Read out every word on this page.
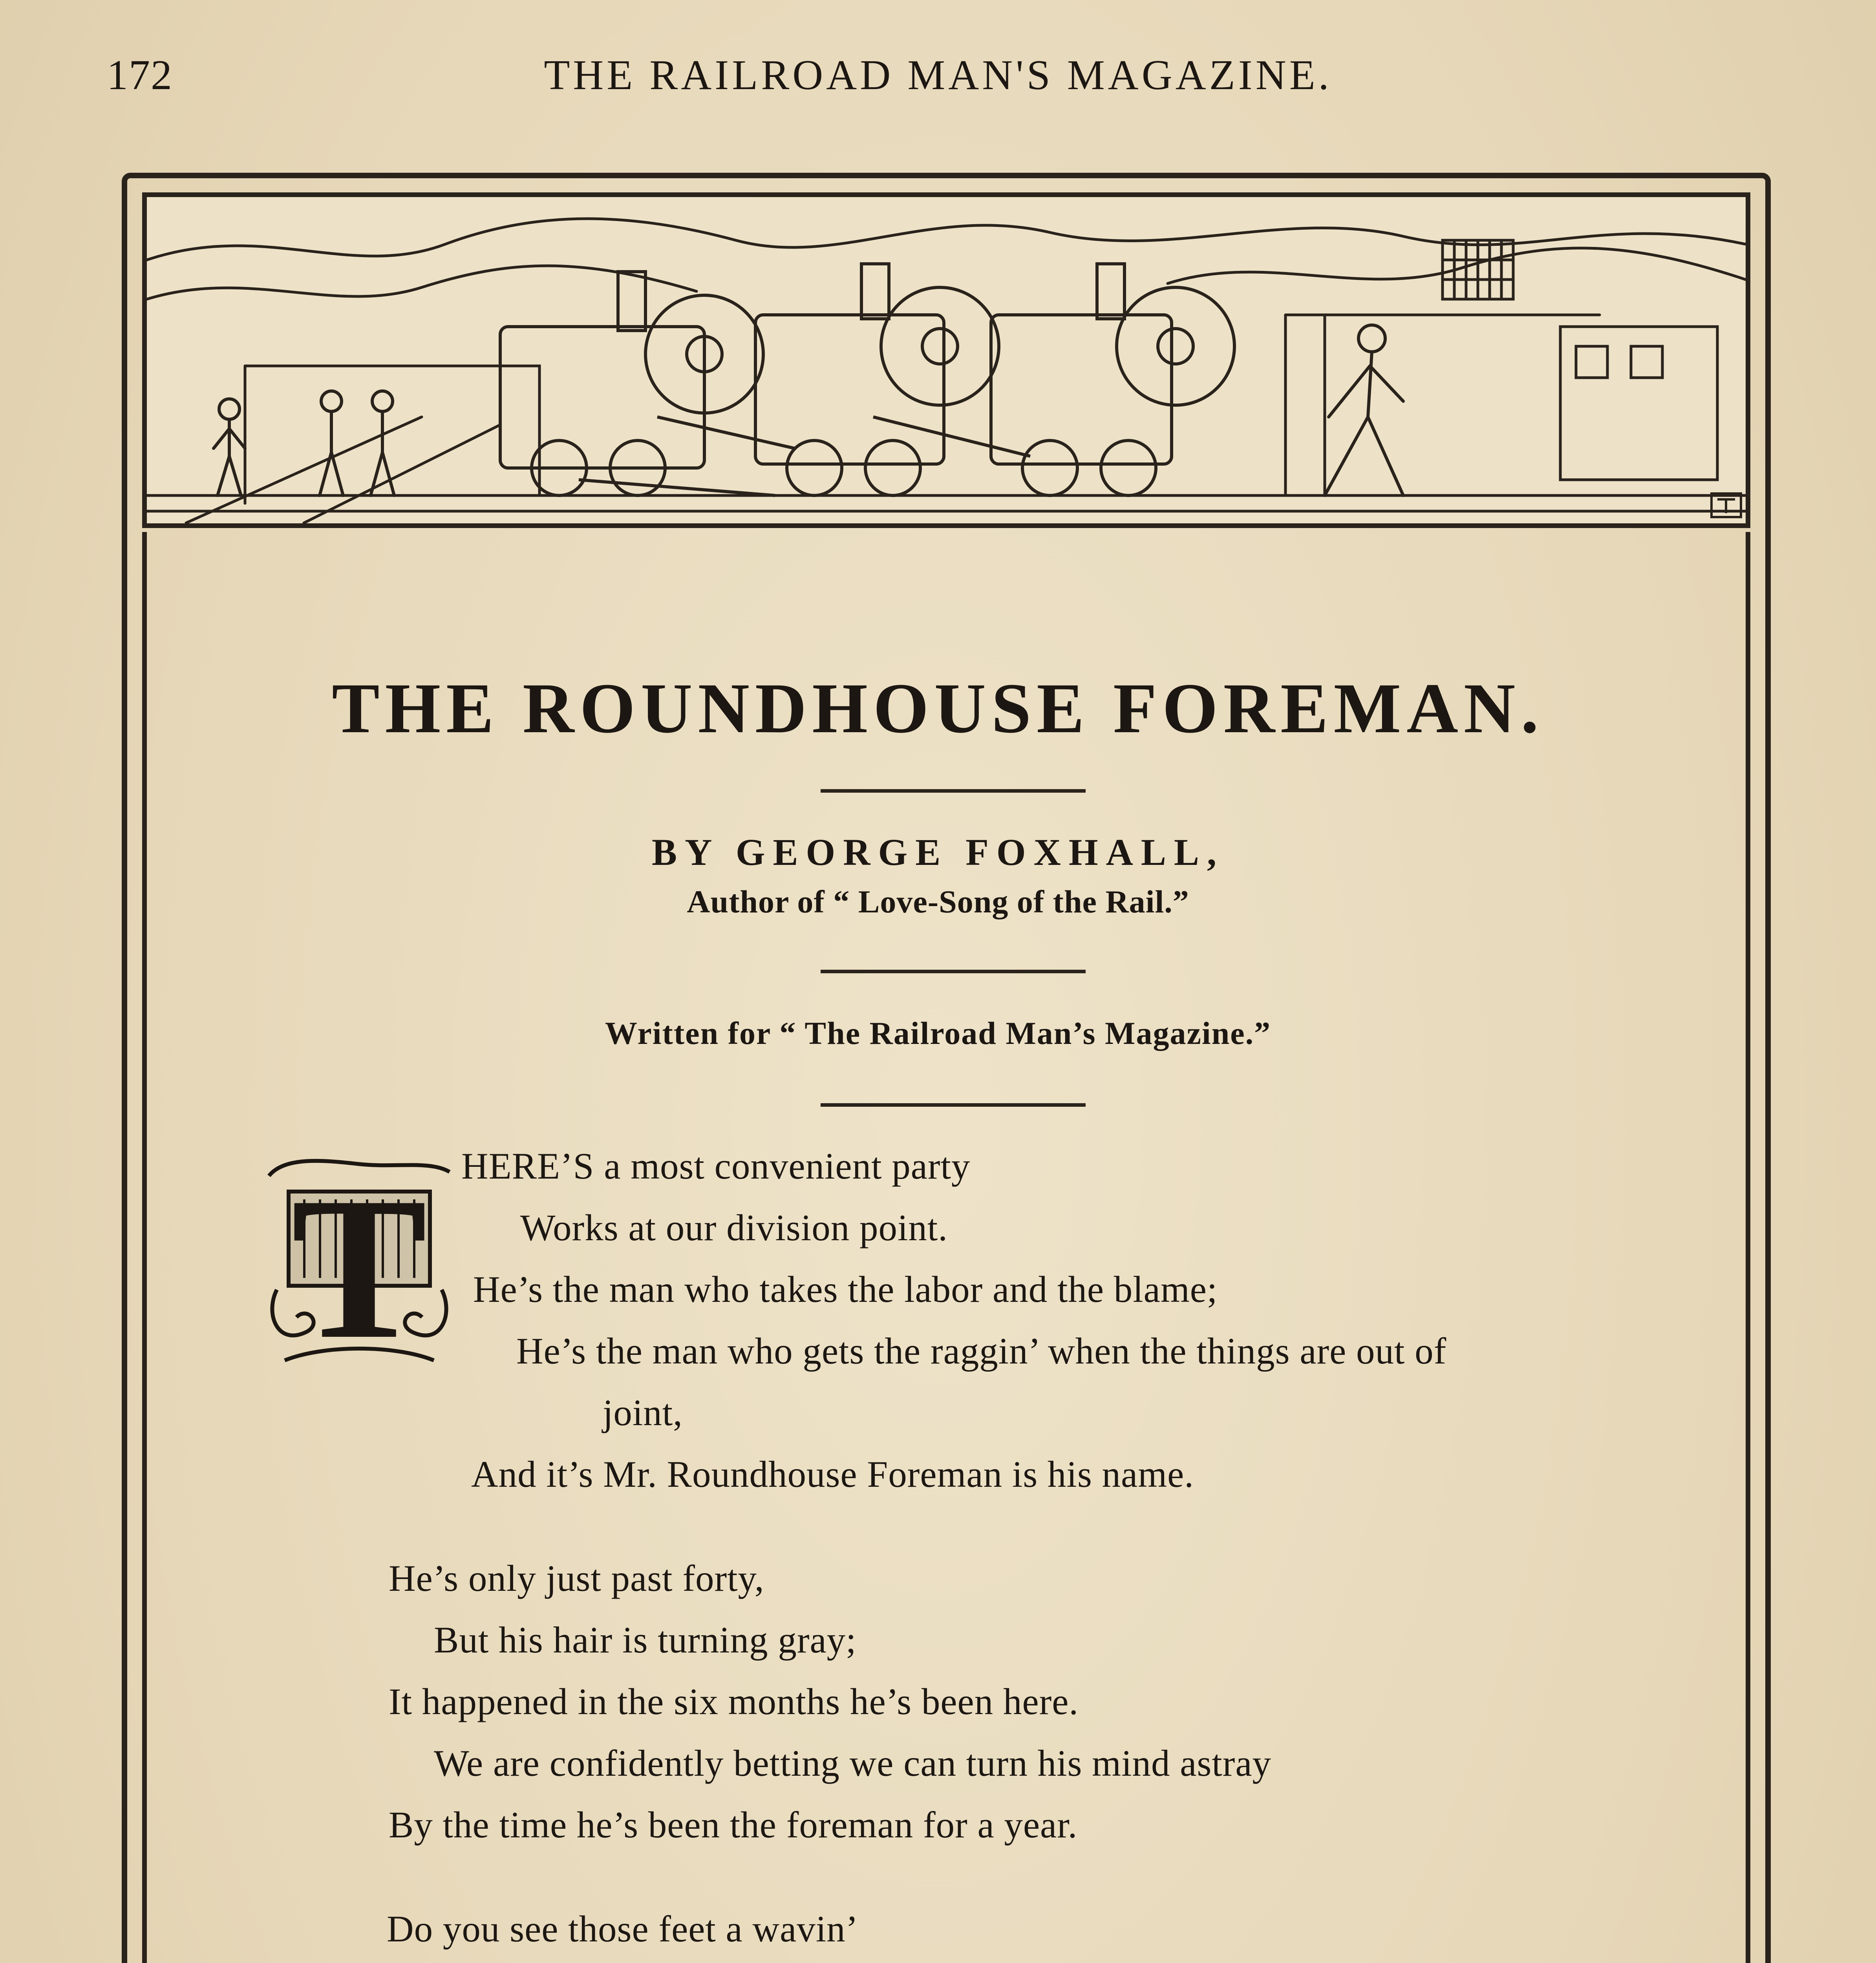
172	THE RAILROAD MAN'S MAGAZINE.
THE ROUNDHOUSE FOREMAN.
BY GEORGE FOXHALL,
Author of “ Love-Song of the Rail.”
Written for “ The Railroad Man’s Magazine.”
T HERE’S a most convenient party
Works at our division point.
He’s the man who takes the labor and the blame;
He’s the man who gets the raggin’ when the things are out of
joint,
And it’s Mr. Roundhouse Foreman is his name.
He’s only just past forty,
But his hair is turning gray;
It happened in the six months he’s been here.
We are confidently betting we can turn his mind astray
By the time he’s been the foreman for a year.
Do you see those feet a wavin’
